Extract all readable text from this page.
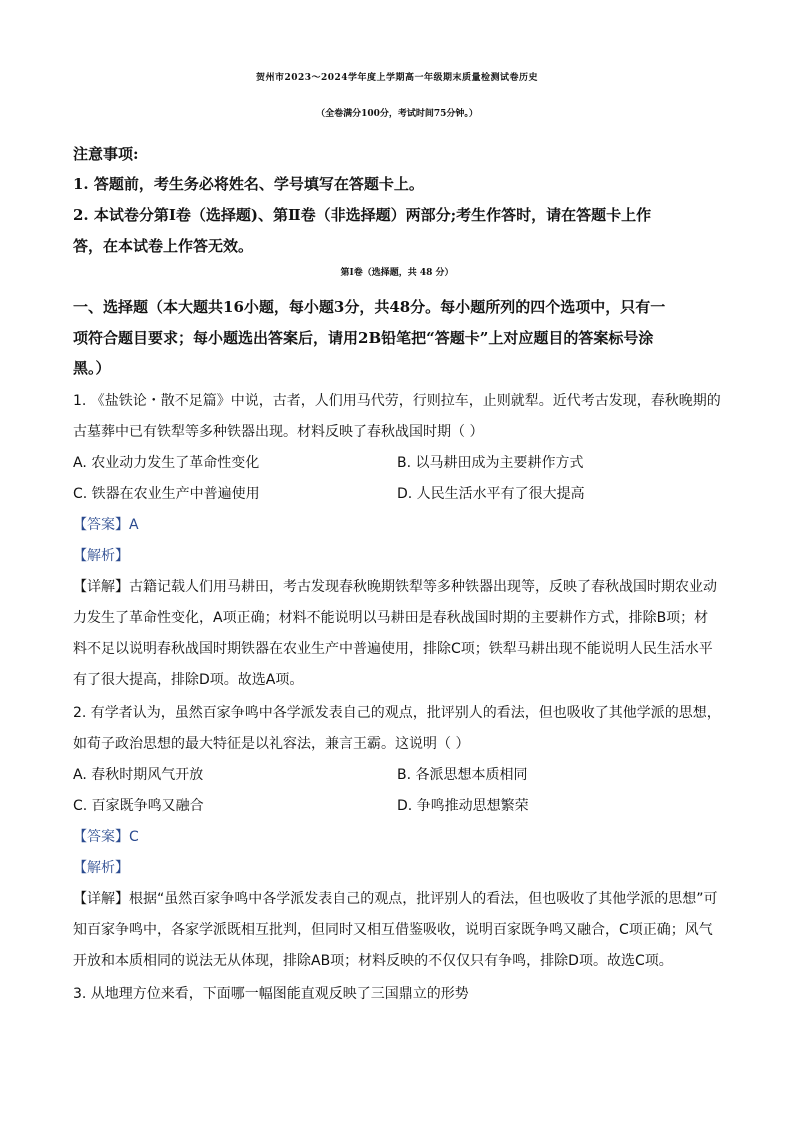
贺州市2023～2024学年度上学期高一年级期末质量检测试卷历史
（全卷满分100分，考试时间75分钟。）
注意事项:
1. 答题前，考生务必将姓名、学号填写在答题卡上。
2. 本试卷分第Ⅰ卷（选择题)、第Ⅱ卷（非选择题）两部分;考生作答时，请在答题卡上作
答，在本试卷上作答无效。
第Ⅰ卷（选择题，共 48 分）
一、选择题（本大题共16小题，每小题3分，共48分。每小题所列的四个选项中，只有一
项符合题目要求；每小题选出答案后，请用2B铅笔把“答题卡”上对应题目的答案标号涂
黑。）
1. 《盐铁论・散不足篇》中说，古者，人们用马代劳，行则拉车，止则就犁。近代考古发现，春秋晚期的
古墓葬中已有铁犁等多种铁器出现。材料反映了春秋战国时期（ ）
A. 农业动力发生了革命性变化	B. 以马耕田成为主要耕作方式
C. 铁器在农业生产中普遍使用	D. 人民生活水平有了很大提高
【答案】A
【解析】
【详解】古籍记载人们用马耕田，考古发现春秋晚期铁犁等多种铁器出现等，反映了春秋战国时期农业动
力发生了革命性变化，A项正确；材料不能说明以马耕田是春秋战国时期的主要耕作方式，排除B项；材
料不足以说明春秋战国时期铁器在农业生产中普遍使用，排除C项；铁犁马耕出现不能说明人民生活水平
有了很大提高，排除D项。故选A项。
2. 有学者认为，虽然百家争鸣中各学派发表自己的观点，批评别人的看法，但也吸收了其他学派的思想，
如荀子政治思想的最大特征是以礼容法，兼言王霸。这说明（ ）
A. 春秋时期风气开放	B. 各派思想本质相同
C. 百家既争鸣又融合	D. 争鸣推动思想繁荣
【答案】C
【解析】
【详解】根据“虽然百家争鸣中各学派发表自己的观点，批评别人的看法，但也吸收了其他学派的思想”可
知百家争鸣中，各家学派既相互批判，但同时又相互借鉴吸收，说明百家既争鸣又融合，C项正确；风气
开放和本质相同的说法无从体现，排除AB项；材料反映的不仅仅只有争鸣，排除D项。故选C项。
3. 从地理方位来看，下面哪一幅图能直观反映了三国鼎立的形势
